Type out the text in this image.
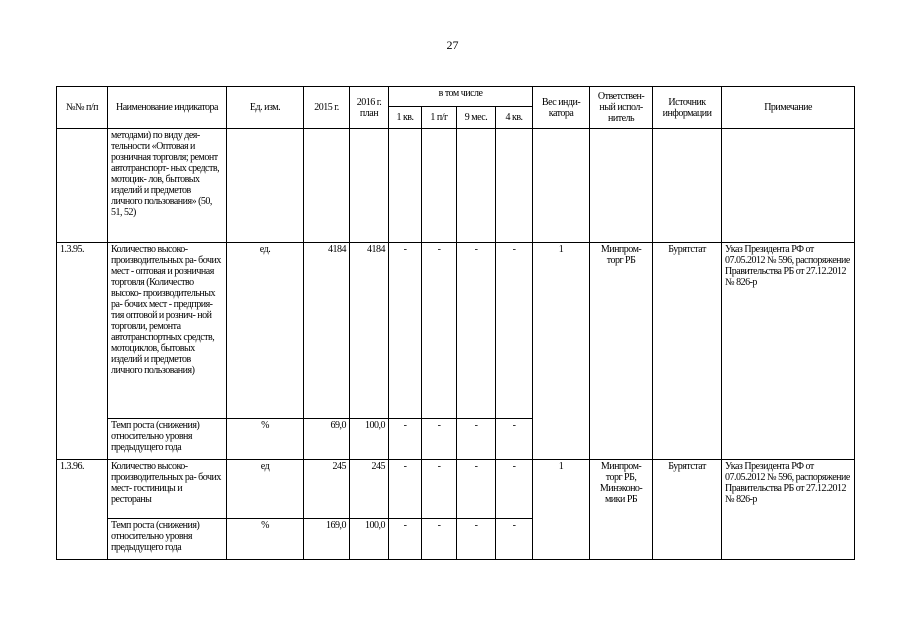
27
№№ п/п	Наименование индикатора	Ед. изм.	2015 г.	2016 г. план	в том числе				Вес инди- катора	Ответствен- ный испол- нитель	Источник информации	Примечание
					1 кв.	1 п/г	9 мес.	4 кв.				
	методами) по виду дея- тельности «Оптовая и розничная торговля; ремонт автотранспорт- ных средств, мотоцик- лов, бытовых изделий и предметов личного пользования» (50, 51, 52)											
1.3.95.	Количество высоко- производительных ра- бочих мест - оптовая и розничная торговля (Количество высоко- производительных ра- бочих мест - предприя- тия оптовой и рознич- ной торговли, ремонта автотранспортных средств, мотоциклов, бытовых изделий и предметов личного пользования)	ед.	4184	4184	-	-	-	-	1	Минпром- торг РБ	Бурятстат	Указ Президента РФ от 07.05.2012 № 596, распоряжение Правительства РБ от 27.12.2012 № 826-р
	Темп роста (снижения) относительно уровня предыдущего года	%	69,0	100,0	-	-	-	-				
1.3.96.	Количество высоко- производительных ра- бочих мест- гостиницы и рестораны	ед	245	245	-	-	-	-	1	Минпром- торг РБ, Минэконо- мики РБ	Бурятстат	Указ Президента РФ от 07.05.2012 № 596, распоряжение Правительства РБ от 27.12.2012 № 826-р
	Темп роста (снижения) относительно уровня предыдущего года	%	169,0	100,0	-	-	-	-				
